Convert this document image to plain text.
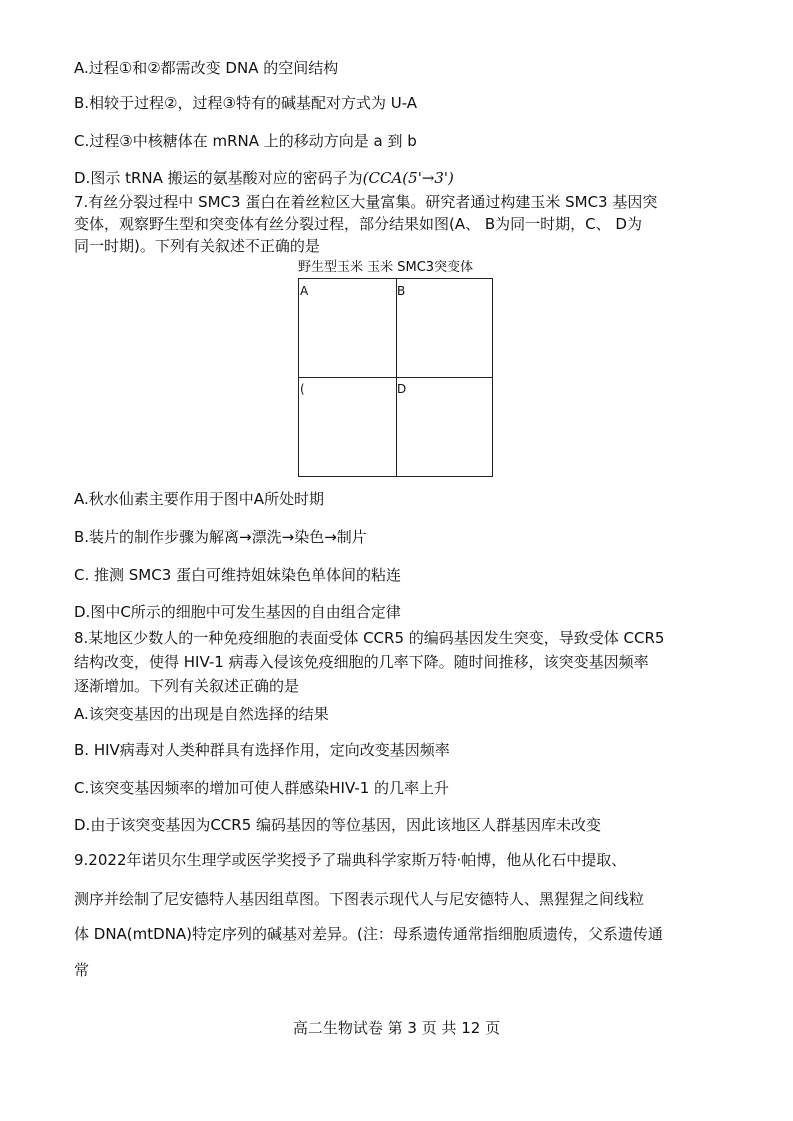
A.过程①和②都需改变 DNA 的空间结构
B.相较于过程②，过程③特有的碱基配对方式为 U-A
C.过程③中核糖体在 mRNA 上的移动方向是 a 到 b
D.图示 tRNA 搬运的氨基酸对应的密码子为(CCA(5'→3')
7.有丝分裂过程中 SMC3 蛋白在着丝粒区大量富集。研究者通过构建玉米 SMC3 基因突
变体，观察野生型和突变体有丝分裂过程，部分结果如图(A、 B为同一时期，C、 D为
同一时期)。下列有关叙述不正确的是
野生型玉米 玉米 SMC3突变体
A	B
(	D
A.秋水仙素主要作用于图中A所处时期
B.装片的制作步骤为解离→漂洗→染色→制片
C. 推测 SMC3 蛋白可维持姐妹染色单体间的粘连
D.图中C所示的细胞中可发生基因的自由组合定律
8.某地区少数人的一种免疫细胞的表面受体 CCR5 的编码基因发生突变，导致受体 CCR5
结构改变，使得 HIV-1 病毒入侵该免疫细胞的几率下降。随时间推移，该突变基因频率
逐渐增加。下列有关叙述正确的是
A.该突变基因的出现是自然选择的结果
B. HIV病毒对人类种群具有选择作用，定向改变基因频率
C.该突变基因频率的增加可使人群感染HIV-1 的几率上升
D.由于该突变基因为CCR5 编码基因的等位基因，因此该地区人群基因库未改变
9.2022年诺贝尔生理学或医学奖授予了瑞典科学家斯万特·帕博，他从化石中提取、
测序并绘制了尼安德特人基因组草图。下图表示现代人与尼安德特人、黑猩猩之间线粒
体 DNA(mtDNA)特定序列的碱基对差异。(注：母系遗传通常指细胞质遗传，父系遗传通
常
高二生物试卷 第 3 页 共 12 页
